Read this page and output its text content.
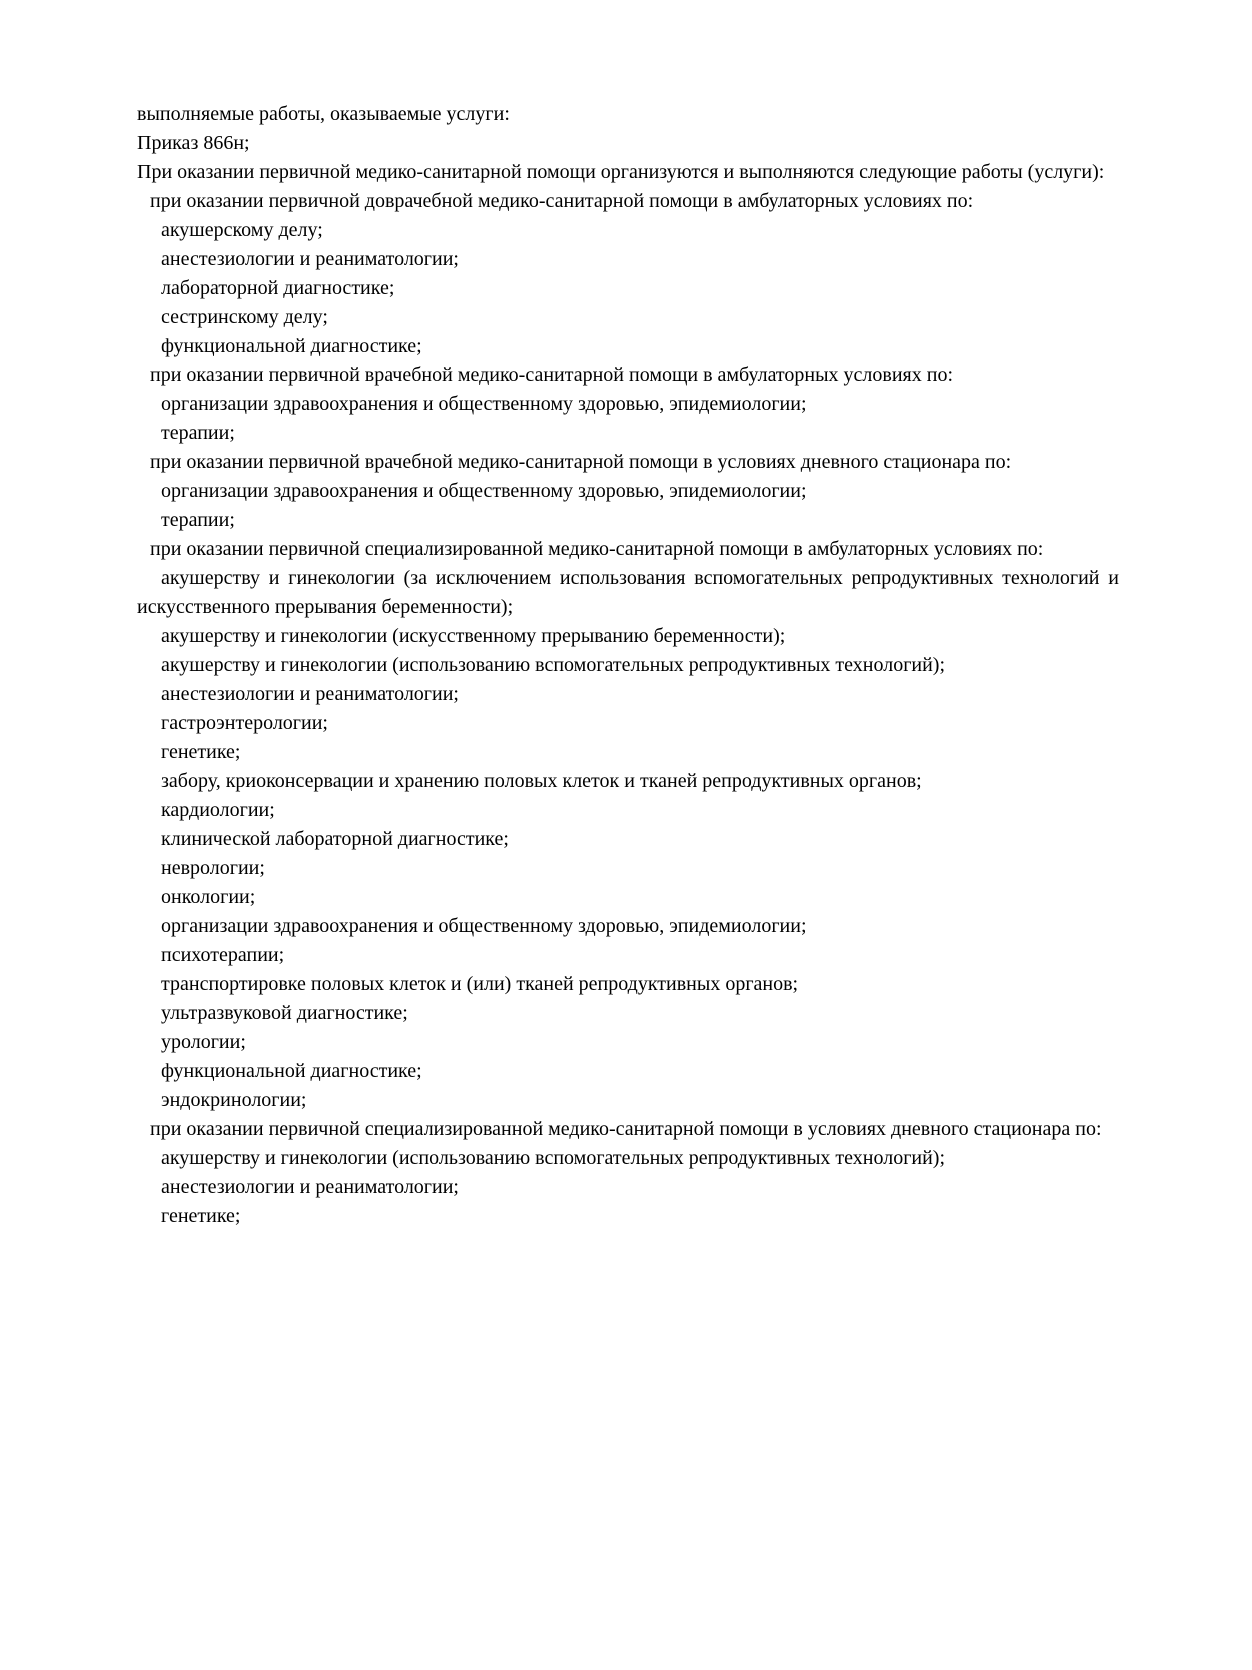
выполняемые работы, оказываемые услуги:

Приказ 866н;

При оказании первичной медико-санитарной помощи организуются и выполняются следующие работы (услуги):

при оказании первичной доврачебной медико-санитарной помощи в амбулаторных условиях по:

акушерскому делу;

анестезиологии и реаниматологии;

лабораторной диагностике;

сестринскому делу;

функциональной диагностике;

при оказании первичной врачебной медико-санитарной помощи в амбулаторных условиях по:

организации здравоохранения и общественному здоровью, эпидемиологии;

терапии;

при оказании первичной врачебной медико-санитарной помощи в условиях дневного стационара по:

организации здравоохранения и общественному здоровью, эпидемиологии;

терапии;

при оказании первичной специализированной медико-санитарной помощи в амбулаторных условиях по:

акушерству и гинекологии (за исключением использования вспомогательных репродуктивных технологий и искусственного прерывания беременности);

акушерству и гинекологии (искусственному прерыванию беременности);

акушерству и гинекологии (использованию вспомогательных репродуктивных технологий);

анестезиологии и реаниматологии;

гастроэнтерологии;

генетике;

забору, криоконсервации и хранению половых клеток и тканей репродуктивных органов;

кардиологии;

клинической лабораторной диагностике;

неврологии;

онкологии;

организации здравоохранения и общественному здоровью, эпидемиологии;

психотерапии;

транспортировке половых клеток и (или) тканей репродуктивных органов;

ультразвуковой диагностике;

урологии;

функциональной диагностике;

эндокринологии;

при оказании первичной специализированной медико-санитарной помощи в условиях дневного стационара по:

акушерству и гинекологии (использованию вспомогательных репродуктивных технологий);

анестезиологии и реаниматологии;

генетике;
